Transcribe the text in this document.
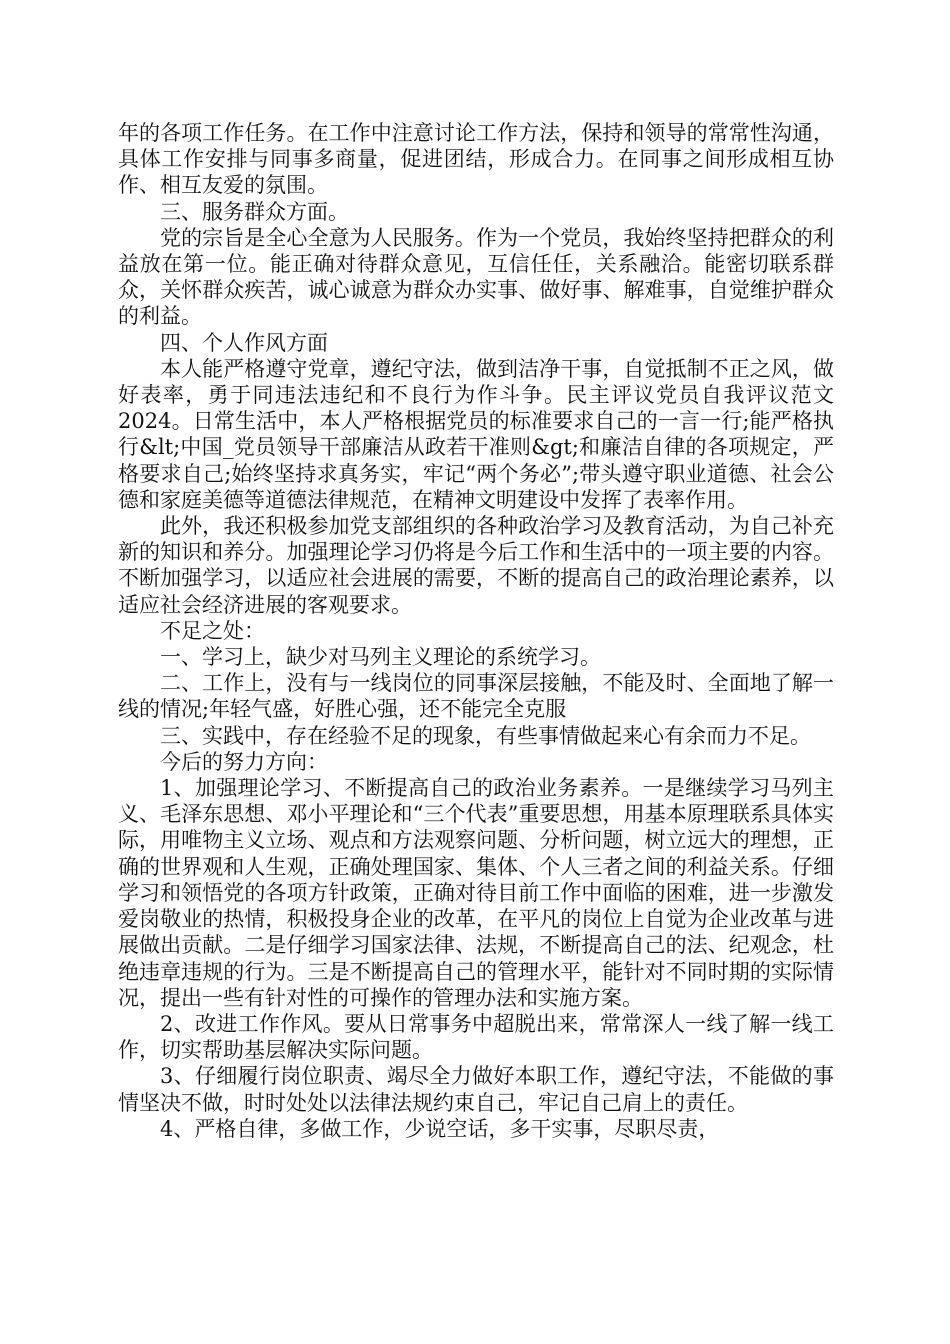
年的各项工作任务。在工作中注意讨论工作方法，保持和领导的常常性沟通，具体工作安排与同事多商量，促进团结，形成合力。在同事之间形成相互协作、相互友爱的氛围。

三、服务群众方面。

党的宗旨是全心全意为人民服务。作为一个党员，我始终坚持把群众的利益放在第一位。能正确对待群众意见，互信任任，关系融洽。能密切联系群众，关怀群众疾苦，诚心诚意为群众办实事、做好事、解难事，自觉维护群众的利益。

四、个人作风方面

本人能严格遵守党章，遵纪守法，做到洁净干事，自觉抵制不正之风，做好表率，勇于同违法违纪和不良行为作斗争。民主评议党员自我评议范文2024。日常生活中，本人严格根据党员的标准要求自己的一言一行;能严格执行&lt;中国_党员领导干部廉洁从政若干准则&gt;和廉洁自律的各项规定，严格要求自己;始终坚持求真务实，牢记“两个务必”;带头遵守职业道德、社会公德和家庭美德等道德法律规范，在精神文明建设中发挥了表率作用。

此外，我还积极参加党支部组织的各种政治学习及教育活动，为自己补充新的知识和养分。加强理论学习仍将是今后工作和生活中的一项主要的内容。不断加强学习，以适应社会进展的需要，不断的提高自己的政治理论素养，以适应社会经济进展的客观要求。

不足之处：

一、学习上，缺少对马列主义理论的系统学习。

二、工作上，没有与一线岗位的同事深层接触，不能及时、全面地了解一线的情况;年轻气盛，好胜心强，还不能完全克服

三、实践中，存在经验不足的现象，有些事情做起来心有余而力不足。

今后的努力方向：

1、加强理论学习、不断提高自己的政治业务素养。一是继续学习马列主义、毛泽东思想、邓小平理论和“三个代表”重要思想，用基本原理联系具体实际，用唯物主义立场、观点和方法观察问题、分析问题，树立远大的理想，正确的世界观和人生观，正确处理国家、集体、个人三者之间的利益关系。仔细学习和领悟党的各项方针政策，正确对待目前工作中面临的困难，进一步激发爱岗敬业的热情，积极投身企业的改革，在平凡的岗位上自觉为企业改革与进展做出贡献。二是仔细学习国家法律、法规，不断提高自己的法、纪观念，杜绝违章违规的行为。三是不断提高自己的管理水平，能针对不同时期的实际情况，提出一些有针对性的可操作的管理办法和实施方案。

2、改进工作作风。要从日常事务中超脱出来，常常深人一线了解一线工作，切实帮助基层解决实际问题。

3、仔细履行岗位职责、竭尽全力做好本职工作，遵纪守法，不能做的事情坚决不做，时时处处以法律法规约束自己，牢记自己肩上的责任。

4、严格自律，多做工作，少说空话，多干实事，尽职尽责，
